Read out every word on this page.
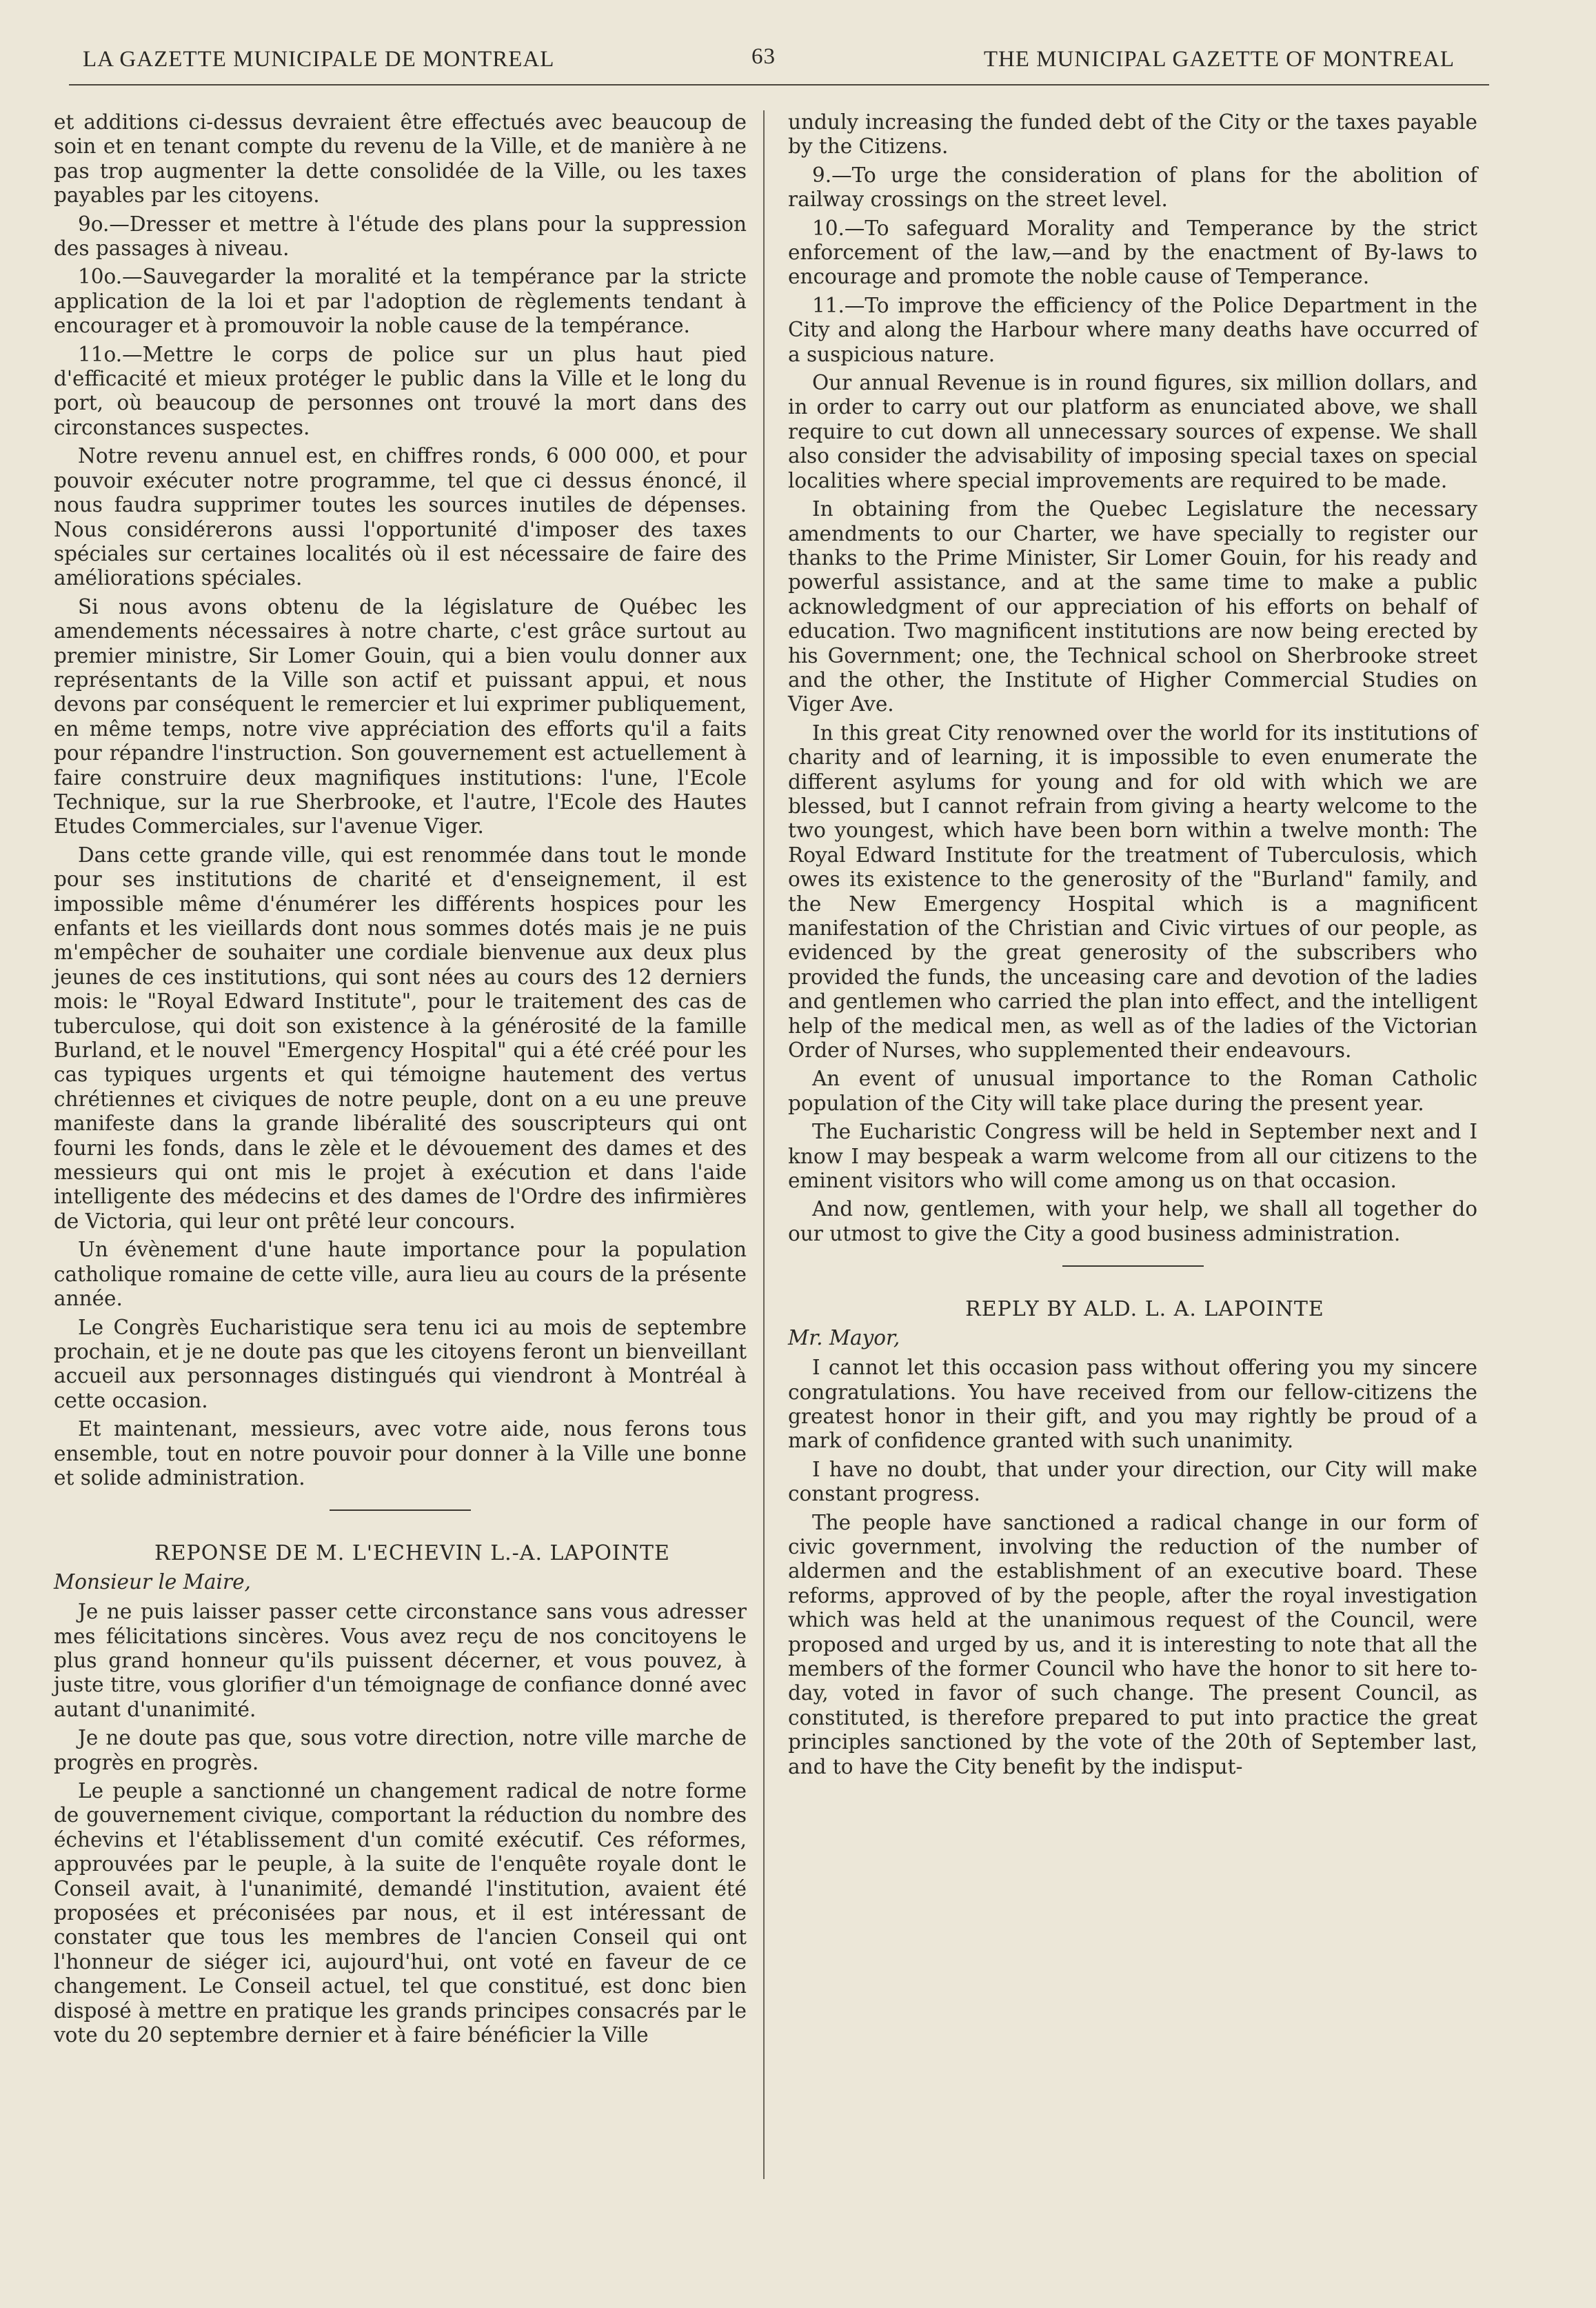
LA GAZETTE MUNICIPALE DE MONTREAL	63	THE MUNICIPAL GAZETTE OF MONTREAL

et additions ci-dessus devraient être effectués avec beaucoup de soin et en tenant compte du revenu de la Ville, et de manière à ne pas trop augmenter la dette consolidée de la Ville, ou les taxes payables par les citoyens.

9o.—Dresser et mettre à l'étude des plans pour la suppression des passages à niveau.

10o.—Sauvegarder la moralité et la tempérance par la stricte application de la loi et par l'adoption de règlements tendant à encourager et à promouvoir la noble cause de la tempérance.

11o.—Mettre le corps de police sur un plus haut pied d'efficacité et mieux protéger le public dans la Ville et le long du port, où beaucoup de personnes ont trouvé la mort dans des circonstances suspectes.

Notre revenu annuel est, en chiffres ronds, 6 000 000, et pour pouvoir exécuter notre programme, tel que ci dessus énoncé, il nous faudra supprimer toutes les sources inutiles de dépenses. Nous considérerons aussi l'opportunité d'imposer des taxes spéciales sur certaines localités où il est nécessaire de faire des améliorations spéciales.

Si nous avons obtenu de la législature de Québec les amendements nécessaires à notre charte, c'est grâce surtout au premier ministre, Sir Lomer Gouin, qui a bien voulu donner aux représentants de la Ville son actif et puissant appui, et nous devons par conséquent le remercier et lui exprimer publiquement, en même temps, notre vive appréciation des efforts qu'il a faits pour répandre l'instruction. Son gouvernement est actuellement à faire construire deux magnifiques institutions: l'une, l'Ecole Technique, sur la rue Sherbrooke, et l'autre, l'Ecole des Hautes Etudes Commerciales, sur l'avenue Viger.

Dans cette grande ville, qui est renommée dans tout le monde pour ses institutions de charité et d'enseignement, il est impossible même d'énumérer les différents hospices pour les enfants et les vieillards dont nous sommes dotés mais je ne puis m'empêcher de souhaiter une cordiale bienvenue aux deux plus jeunes de ces institutions, qui sont nées au cours des 12 derniers mois: le "Royal Edward Institute", pour le traitement des cas de tuberculose, qui doit son existence à la générosité de la famille Burland, et le nouvel "Emergency Hospital" qui a été créé pour les cas typiques urgents et qui témoigne hautement des vertus chrétiennes et civiques de notre peuple, dont on a eu une preuve manifeste dans la grande libéralité des souscripteurs qui ont fourni les fonds, dans le zèle et le dévouement des dames et des messieurs qui ont mis le projet à exécution et dans l'aide intelligente des médecins et des dames de l'Ordre des infirmières de Victoria, qui leur ont prêté leur concours.

Un évènement d'une haute importance pour la population catholique romaine de cette ville, aura lieu au cours de la présente année.

Le Congrès Eucharistique sera tenu ici au mois de septembre prochain, et je ne doute pas que les citoyens feront un bienveillant accueil aux personnages distingués qui viendront à Montréal à cette occasion.

Et maintenant, messieurs, avec votre aide, nous ferons tous ensemble, tout en notre pouvoir pour donner à la Ville une bonne et solide administration.

REPONSE DE M. L'ECHEVIN L.-A. LAPOINTE

Monsieur le Maire,

Je ne puis laisser passer cette circonstance sans vous adresser mes félicitations sincères. Vous avez reçu de nos concitoyens le plus grand honneur qu'ils puissent décerner, et vous pouvez, à juste titre, vous glorifier d'un témoignage de confiance donné avec autant d'unanimité.

Je ne doute pas que, sous votre direction, notre ville marche de progrès en progrès.

Le peuple a sanctionné un changement radical de notre forme de gouvernement civique, comportant la réduction du nombre des échevins et l'établissement d'un comité exécutif. Ces réformes, approuvées par le peuple, à la suite de l'enquête royale dont le Conseil avait, à l'unanimité, demandé l'institution, avaient été proposées et préconisées par nous, et il est intéressant de constater que tous les membres de l'ancien Conseil qui ont l'honneur de siéger ici, aujourd'hui, ont voté en faveur de ce changement. Le Conseil actuel, tel que constitué, est donc bien disposé à mettre en pratique les grands principes consacrés par le vote du 20 septembre dernier et à faire bénéficier la Ville

unduly increasing the funded debt of the City or the taxes payable by the Citizens.

9.—To urge the consideration of plans for the abolition of railway crossings on the street level.

10.—To safeguard Morality and Temperance by the strict enforcement of the law,—and by the enactment of By-laws to encourage and promote the noble cause of Temperance.

11.—To improve the efficiency of the Police Department in the City and along the Harbour where many deaths have occurred of a suspicious nature.

Our annual Revenue is in round figures, six million dollars, and in order to carry out our platform as enunciated above, we shall require to cut down all unnecessary sources of expense. We shall also consider the advisability of imposing special taxes on special localities where special improvements are required to be made.

In obtaining from the Quebec Legislature the necessary amendments to our Charter, we have specially to register our thanks to the Prime Minister, Sir Lomer Gouin, for his ready and powerful assistance, and at the same time to make a public acknowledgment of our appreciation of his efforts on behalf of education. Two magnificent institutions are now being erected by his Government; one, the Technical school on Sherbrooke street and the other, the Institute of Higher Commercial Studies on Viger Ave.

In this great City renowned over the world for its institutions of charity and of learning, it is impossible to even enumerate the different asylums for young and for old with which we are blessed, but I cannot refrain from giving a hearty welcome to the two youngest, which have been born within a twelve month: The Royal Edward Institute for the treatment of Tuberculosis, which owes its existence to the generosity of the "Burland" family, and the New Emergency Hospital which is a magnificent manifestation of the Christian and Civic virtues of our people, as evidenced by the great generosity of the subscribers who provided the funds, the unceasing care and devotion of the ladies and gentlemen who carried the plan into effect, and the intelligent help of the medical men, as well as of the ladies of the Victorian Order of Nurses, who supplemented their endeavours.

An event of unusual importance to the Roman Catholic population of the City will take place during the present year.

The Eucharistic Congress will be held in September next and I know I may bespeak a warm welcome from all our citizens to the eminent visitors who will come among us on that occasion.

And now, gentlemen, with your help, we shall all together do our utmost to give the City a good business administration.

REPLY BY ALD. L. A. LAPOINTE

Mr. Mayor,

I cannot let this occasion pass without offering you my sincere congratulations. You have received from our fellow-citizens the greatest honor in their gift, and you may rightly be proud of a mark of confidence granted with such unanimity.

I have no doubt, that under your direction, our City will make constant progress.

The people have sanctioned a radical change in our form of civic government, involving the reduction of the number of aldermen and the establishment of an executive board. These reforms, approved of by the people, after the royal investigation which was held at the unanimous request of the Council, were proposed and urged by us, and it is interesting to note that all the members of the former Council who have the honor to sit here to-day, voted in favor of such change. The present Council, as constituted, is therefore prepared to put into practice the great principles sanctioned by the vote of the 20th of September last, and to have the City benefit by the indisput-
